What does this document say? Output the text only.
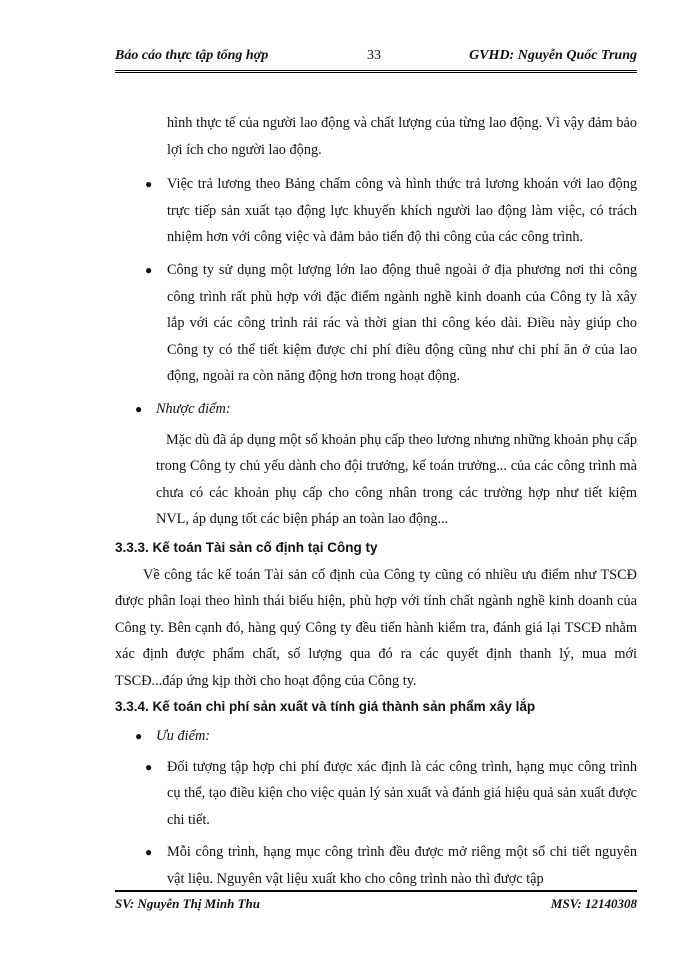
Báo cáo thực tập tổng hợp	33	GVHD: Nguyễn Quốc Trung

hình thực tế của người lao động và chất lượng của từng lao động. Vì vậy đảm bảo lợi ích cho người lao động.

● Việc trả lương theo Bảng chấm công và hình thức trả lương khoán với lao động trực tiếp sản xuất tạo động lực khuyến khích người lao động làm việc, có trách nhiệm hơn với công việc và đảm bảo tiến độ thi công của các công trình.
● Công ty sử dụng một lượng lớn lao động thuê ngoài ở địa phương nơi thi công công trình rất phù hợp với đặc điểm ngành nghề kinh doanh của Công ty là xây lắp với các công trình rải rác và thời gian thi công kéo dài. Điều này giúp cho Công ty có thể tiết kiệm được chi phí điều động cũng như chi phí ăn ở của lao động, ngoài ra còn năng động hơn trong hoạt động.
● Nhược điểm:

Mặc dù đã áp dụng một số khoản phụ cấp theo lương nhưng những khoản phụ cấp trong Công ty chủ yếu dành cho đội trưởng, kế toán trưởng... của các công trình mà chưa có các khoản phụ cấp cho công nhân trong các trường hợp như tiết kiệm NVL, áp dụng tốt các biện pháp an toàn lao động...

3.3.3. Kế toán Tài sản cố định tại Công ty

Về công tác kế toán Tài sản cố định của Công ty cũng có nhiều ưu điểm như TSCĐ được phân loại theo hình thái biểu hiện, phù hợp với tính chất ngành nghề kinh doanh của Công ty. Bên cạnh đó, hàng quý Công ty đều tiến hành kiểm tra, đánh giá lại TSCĐ nhằm xác định được phẩm chất, số lượng qua đó ra các quyết định thanh lý, mua mới TSCĐ...đáp ứng kịp thời cho hoạt động của Công ty.

3.3.4. Kế toán chi phí sản xuất và tính giá thành sản phẩm xây lắp

● Ưu điểm:
● Đối tượng tập hợp chi phí được xác định là các công trình, hạng mục công trình cụ thể, tạo điều kiện cho việc quản lý sản xuất và đánh giá hiệu quả sản xuất được chi tiết.
● Mỗi công trình, hạng mục công trình đều được mở riêng một sổ chi tiết nguyên vật liệu. Nguyên vật liệu xuất kho cho công trình nào thì được tập
SV: Nguyễn Thị Minh Thu	MSV: 12140308
